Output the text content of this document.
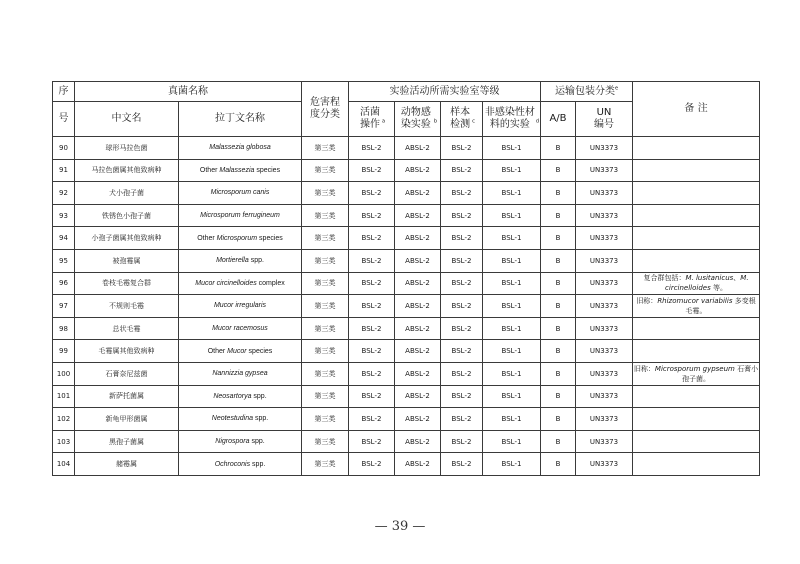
序	真菌名称		危害程度分类	实验活动所需实验室等级				运输包装分类$^e$		备 注
号	中文名	拉丁文名称		活菌操作 $^a$	动物感染实验 $^b$	样本检测 $^c$	非感染性材料的实验 $^d$	A/B	UN编号	
90	球形马拉色菌	Malassezia globosa	第三类	BSL-2	ABSL-2	BSL-2	BSL-1	B	UN3373	
91	马拉色菌属其他致病种	Other Malassezia species	第三类	BSL-2	ABSL-2	BSL-2	BSL-1	B	UN3373	
92	犬小孢子菌	Microsporum canis	第三类	BSL-2	ABSL-2	BSL-2	BSL-1	B	UN3373	
93	铁锈色小孢子菌	Microsporum ferrugineum	第三类	BSL-2	ABSL-2	BSL-2	BSL-1	B	UN3373	
94	小孢子菌属其他致病种	Other Microsporum species	第三类	BSL-2	ABSL-2	BSL-2	BSL-1	B	UN3373	
95	被孢霉属	Mortierella spp.	第三类	BSL-2	ABSL-2	BSL-2	BSL-1	B	UN3373	
96	卷枝毛霉复合群	Mucor circinelloides complex	第三类	BSL-2	ABSL-2	BSL-2	BSL-1	B	UN3373	复合群包括：M. lusitanicus、M. circinelloides 等。
97	不规则毛霉	Mucor irregularis	第三类	BSL-2	ABSL-2	BSL-2	BSL-1	B	UN3373	旧称：Rhizomucor variabilis 多变根毛霉。
98	总状毛霉	Mucor racemosus	第三类	BSL-2	ABSL-2	BSL-2	BSL-1	B	UN3373	
99	毛霉属其他致病种	Other Mucor species	第三类	BSL-2	ABSL-2	BSL-2	BSL-1	B	UN3373	
100	石膏奈尼兹菌	Nannizzia gypsea	第三类	BSL-2	ABSL-2	BSL-2	BSL-1	B	UN3373	旧称：Microsporum gypseum 石膏小孢子菌。
101	新萨托菌属	Neosartorya spp.	第三类	BSL-2	ABSL-2	BSL-2	BSL-1	B	UN3373	
102	新龟甲形菌属	Neotestudina spp.	第三类	BSL-2	ABSL-2	BSL-2	BSL-1	B	UN3373	
103	黑孢子菌属	Nigrospora spp.	第三类	BSL-2	ABSL-2	BSL-2	BSL-1	B	UN3373	
104	赭霉属	Ochroconis spp.	第三类	BSL-2	ABSL-2	BSL-2	BSL-1	B	UN3373	
— 39 —
